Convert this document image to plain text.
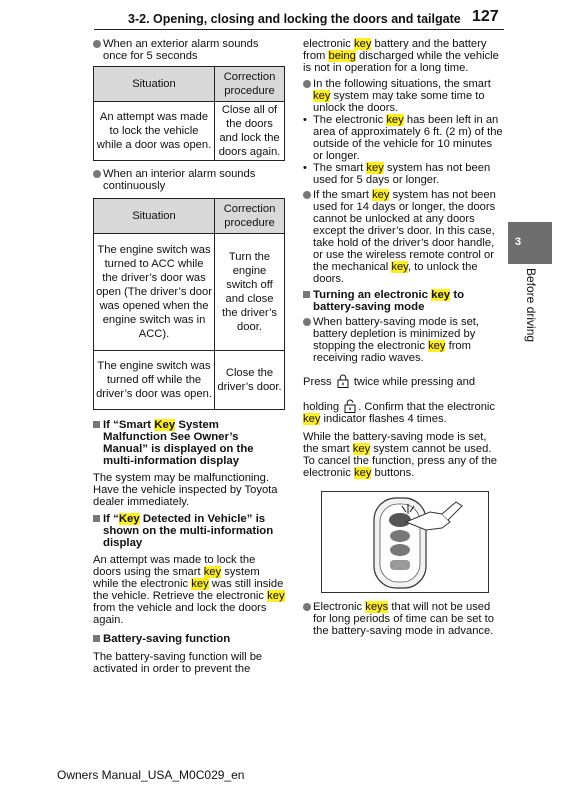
3-2. Opening, closing and locking the doors and tailgate 127

When an exterior alarm sounds once for 5 seconds

Situation	Correction procedure
An attempt was made to lock the vehicle while a door was open.	Close all of the doors and lock the doors again.

When an interior alarm sounds continuously

Situation	Correction procedure
The engine switch was turned to ACC while the driver’s door was open (The driver’s door was opened when the engine switch was in ACC).	Turn the engine switch off and close the driver’s door.
The engine switch was turned off while the driver’s door was open.	Close the driver’s door.

If “Smart Key System Malfunction See Owner’s Manual” is displayed on the multi-information display

The system may be malfunctioning. Have the vehicle inspected by Toyota dealer immediately.

If “Key Detected in Vehicle” is shown on the multi-information display

An attempt was made to lock the doors using the smart key system while the electronic key was still inside the vehicle. Retrieve the electronic key from the vehicle and lock the doors again.

Battery-saving function

The battery-saving function will be activated in order to prevent the

electronic key battery and the battery from being discharged while the vehicle is not in operation for a long time.

In the following situations, the smart key system may take some time to unlock the doors.

•  The electronic key has been left in an area of approximately 6 ft. (2 m) of the outside of the vehicle for 10 minutes or longer.

•  The smart key system has not been used for 5 days or longer.

If the smart key system has not been used for 14 days or longer, the doors cannot be unlocked at any doors except the driver’s door. In this case, take hold of the driver’s door handle, or use the wireless remote control or the mechanical key, to unlock the doors.

Turning an electronic key to battery-saving mode

When battery-saving mode is set, battery depletion is minimized by stopping the electronic key from receiving radio waves.

Press twice while pressing and

holding . Confirm that the electronic key indicator flashes 4 times.

While the battery-saving mode is set, the smart key system cannot be used. To cancel the function, press any of the electronic key buttons.

Electronic keys that will not be used for long periods of time can be set to the battery-saving mode in advance.

3
Before driving
Owners Manual_USA_M0C029_en
